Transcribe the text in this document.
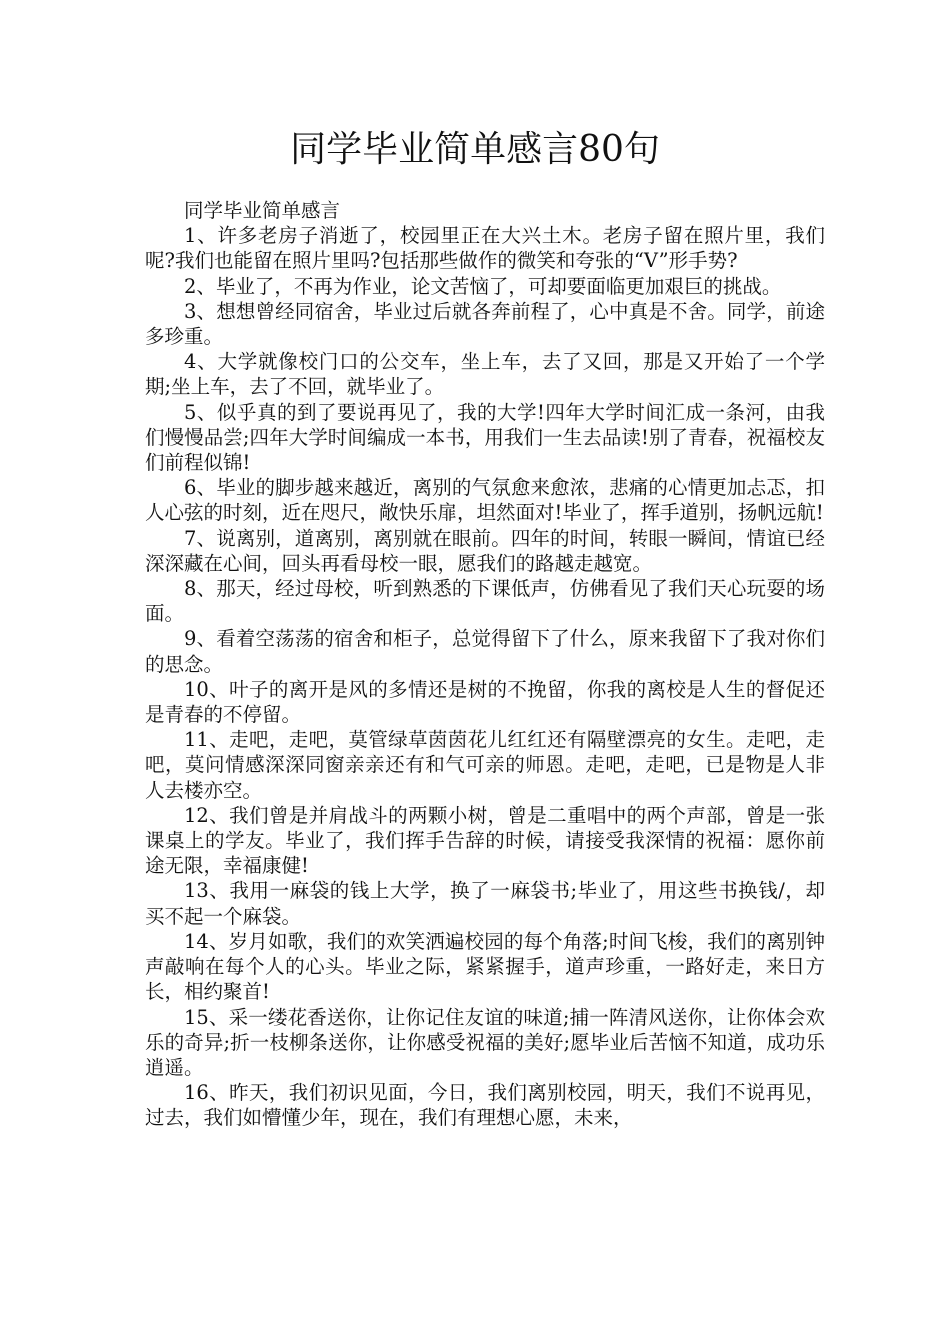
同学毕业简单感言80句

同学毕业简单感言

1、许多老房子消逝了，校园里正在大兴土木。老房子留在照片里，我们呢?我们也能留在照片里吗?包括那些做作的微笑和夸张的“V”形手势?

2、毕业了，不再为作业，论文苦恼了，可却要面临更加艰巨的挑战。

3、想想曾经同宿舍，毕业过后就各奔前程了，心中真是不舍。同学，前途多珍重。

4、大学就像校门口的公交车，坐上车，去了又回，那是又开始了一个学期;坐上车，去了不回，就毕业了。

5、似乎真的到了要说再见了，我的大学!四年大学时间汇成一条河，由我们慢慢品尝;四年大学时间编成一本书，用我们一生去品读!别了青春，祝福校友们前程似锦!

6、毕业的脚步越来越近，离别的气氛愈来愈浓，悲痛的心情更加忐忑，扣人心弦的时刻，近在咫尺，敞快乐扉，坦然面对!毕业了，挥手道别，扬帆远航!

7、说离别，道离别，离别就在眼前。四年的时间，转眼一瞬间，情谊已经深深藏在心间，回头再看母校一眼，愿我们的路越走越宽。

8、那天，经过母校，听到熟悉的下课低声，仿佛看见了我们天心玩耍的场面。

9、看着空荡荡的宿舍和柜子，总觉得留下了什么，原来我留下了我对你们的思念。

10、叶子的离开是风的多情还是树的不挽留，你我的离校是人生的督促还是青春的不停留。

11、走吧，走吧，莫管绿草茵茵花儿红红还有隔壁漂亮的女生。走吧，走吧，莫问情感深深同窗亲亲还有和气可亲的师恩。走吧，走吧，已是物是人非人去楼亦空。

12、我们曾是并肩战斗的两颗小树，曾是二重唱中的两个声部，曾是一张课桌上的学友。毕业了，我们挥手告辞的时候，请接受我深情的祝福：愿你前途无限，幸福康健!

13、我用一麻袋的钱上大学，换了一麻袋书;毕业了，用这些书换钱/，却买不起一个麻袋。

14、岁月如歌，我们的欢笑洒遍校园的每个角落;时间飞梭，我们的离别钟声敲响在每个人的心头。毕业之际，紧紧握手，道声珍重，一路好走，来日方长，相约聚首!

15、采一缕花香送你，让你记住友谊的味道;捕一阵清风送你，让你体会欢乐的奇异;折一枝柳条送你，让你感受祝福的美好;愿毕业后苦恼不知道，成功乐逍遥。

16、昨天，我们初识见面，今日，我们离别校园，明天，我们不说再见，过去，我们如懵懂少年，现在，我们有理想心愿，未来，
